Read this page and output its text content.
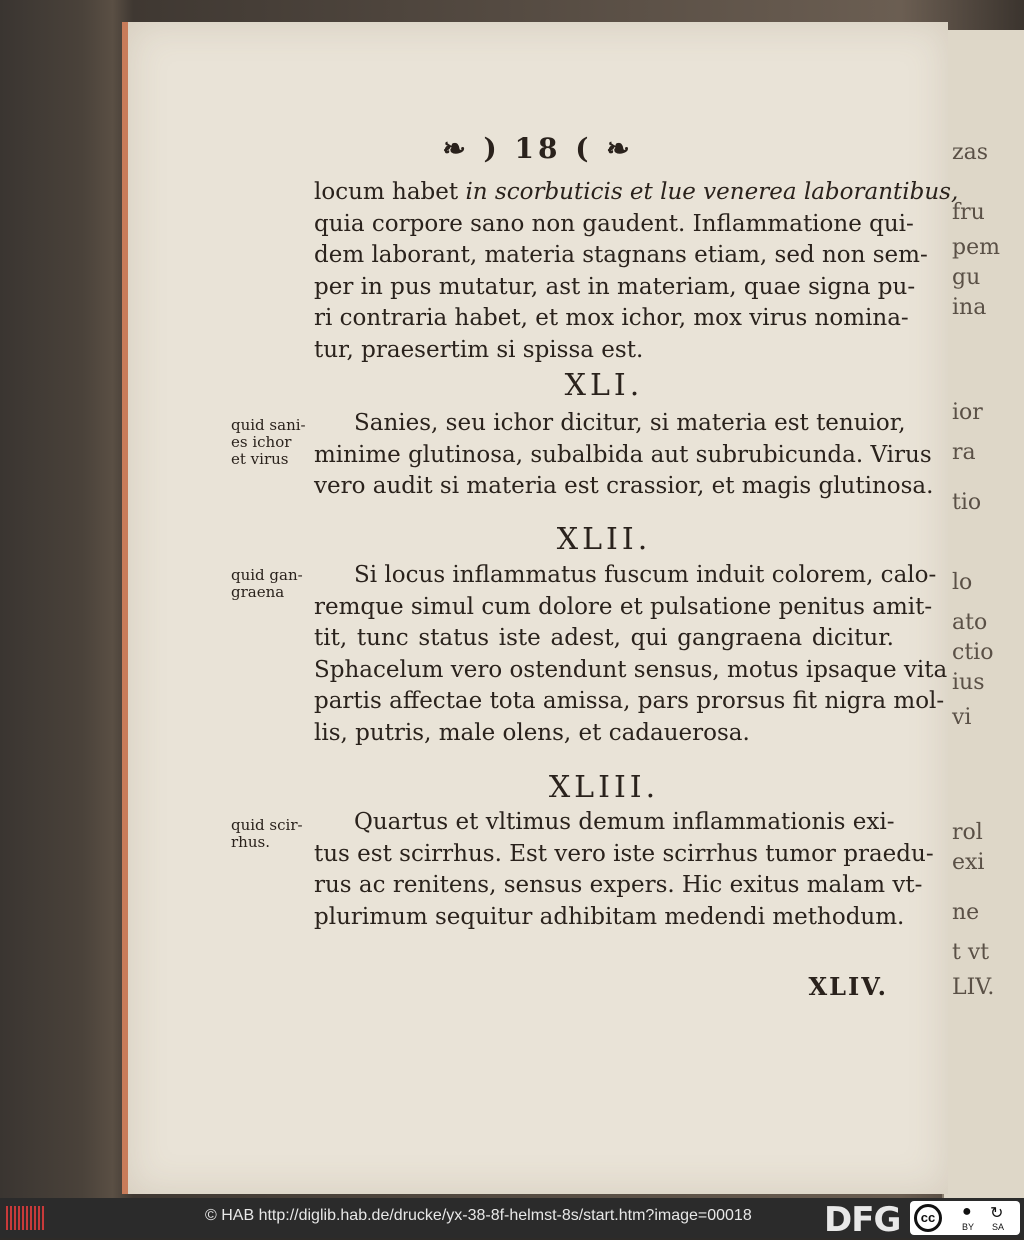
zas
fru
pem
gu
ina
ior
ra
tio
lo
ato
ctio
ius
vi
rol
exi
ne
t vt
LIV.
❧ ) 18 ( ❧
locum habet in scorbuticis et lue venerea laborantibus,
quia corpore sano non gaudent. Inflammatione qui-
dem laborant, materia stagnans etiam, sed non sem-
per in pus mutatur, ast in materiam, quae signa pu-
ri contraria habet, et mox ichor, mox virus nomina-
tur, praesertim si spissa est.
XLI.
quid sani-
es ichor
et virus
Sanies, seu ichor dicitur, si materia est tenuior,
minime glutinosa, subalbida aut subrubicunda. Virus
vero audit si materia est crassior, et magis glutinosa.
XLII.
quid gan-
graena
Si locus inflammatus fuscum induit colorem, calo-
remque simul cum dolore et pulsatione penitus amit-
tit, tunc status iste adest, qui gangraena dicitur.
Sphacelum vero ostendunt sensus, motus ipsaque vita
partis affectae tota amissa, pars prorsus fit nigra mol-
lis, putris, male olens, et cadauerosa.
XLIII.
quid scir-
rhus.
Quartus et vltimus demum inflammationis exi-
tus est scirrhus. Est vero iste scirrhus tumor praedu-
rus ac renitens, sensus expers. Hic exitus malam vt-
plurimum sequitur adhibitam medendi methodum.
XLIV.
© HAB http://diglib.hab.de/drucke/yx-38-8f-helmst-8s/start.htm?image=00018 DFG	cc	● ↻
BY SA
